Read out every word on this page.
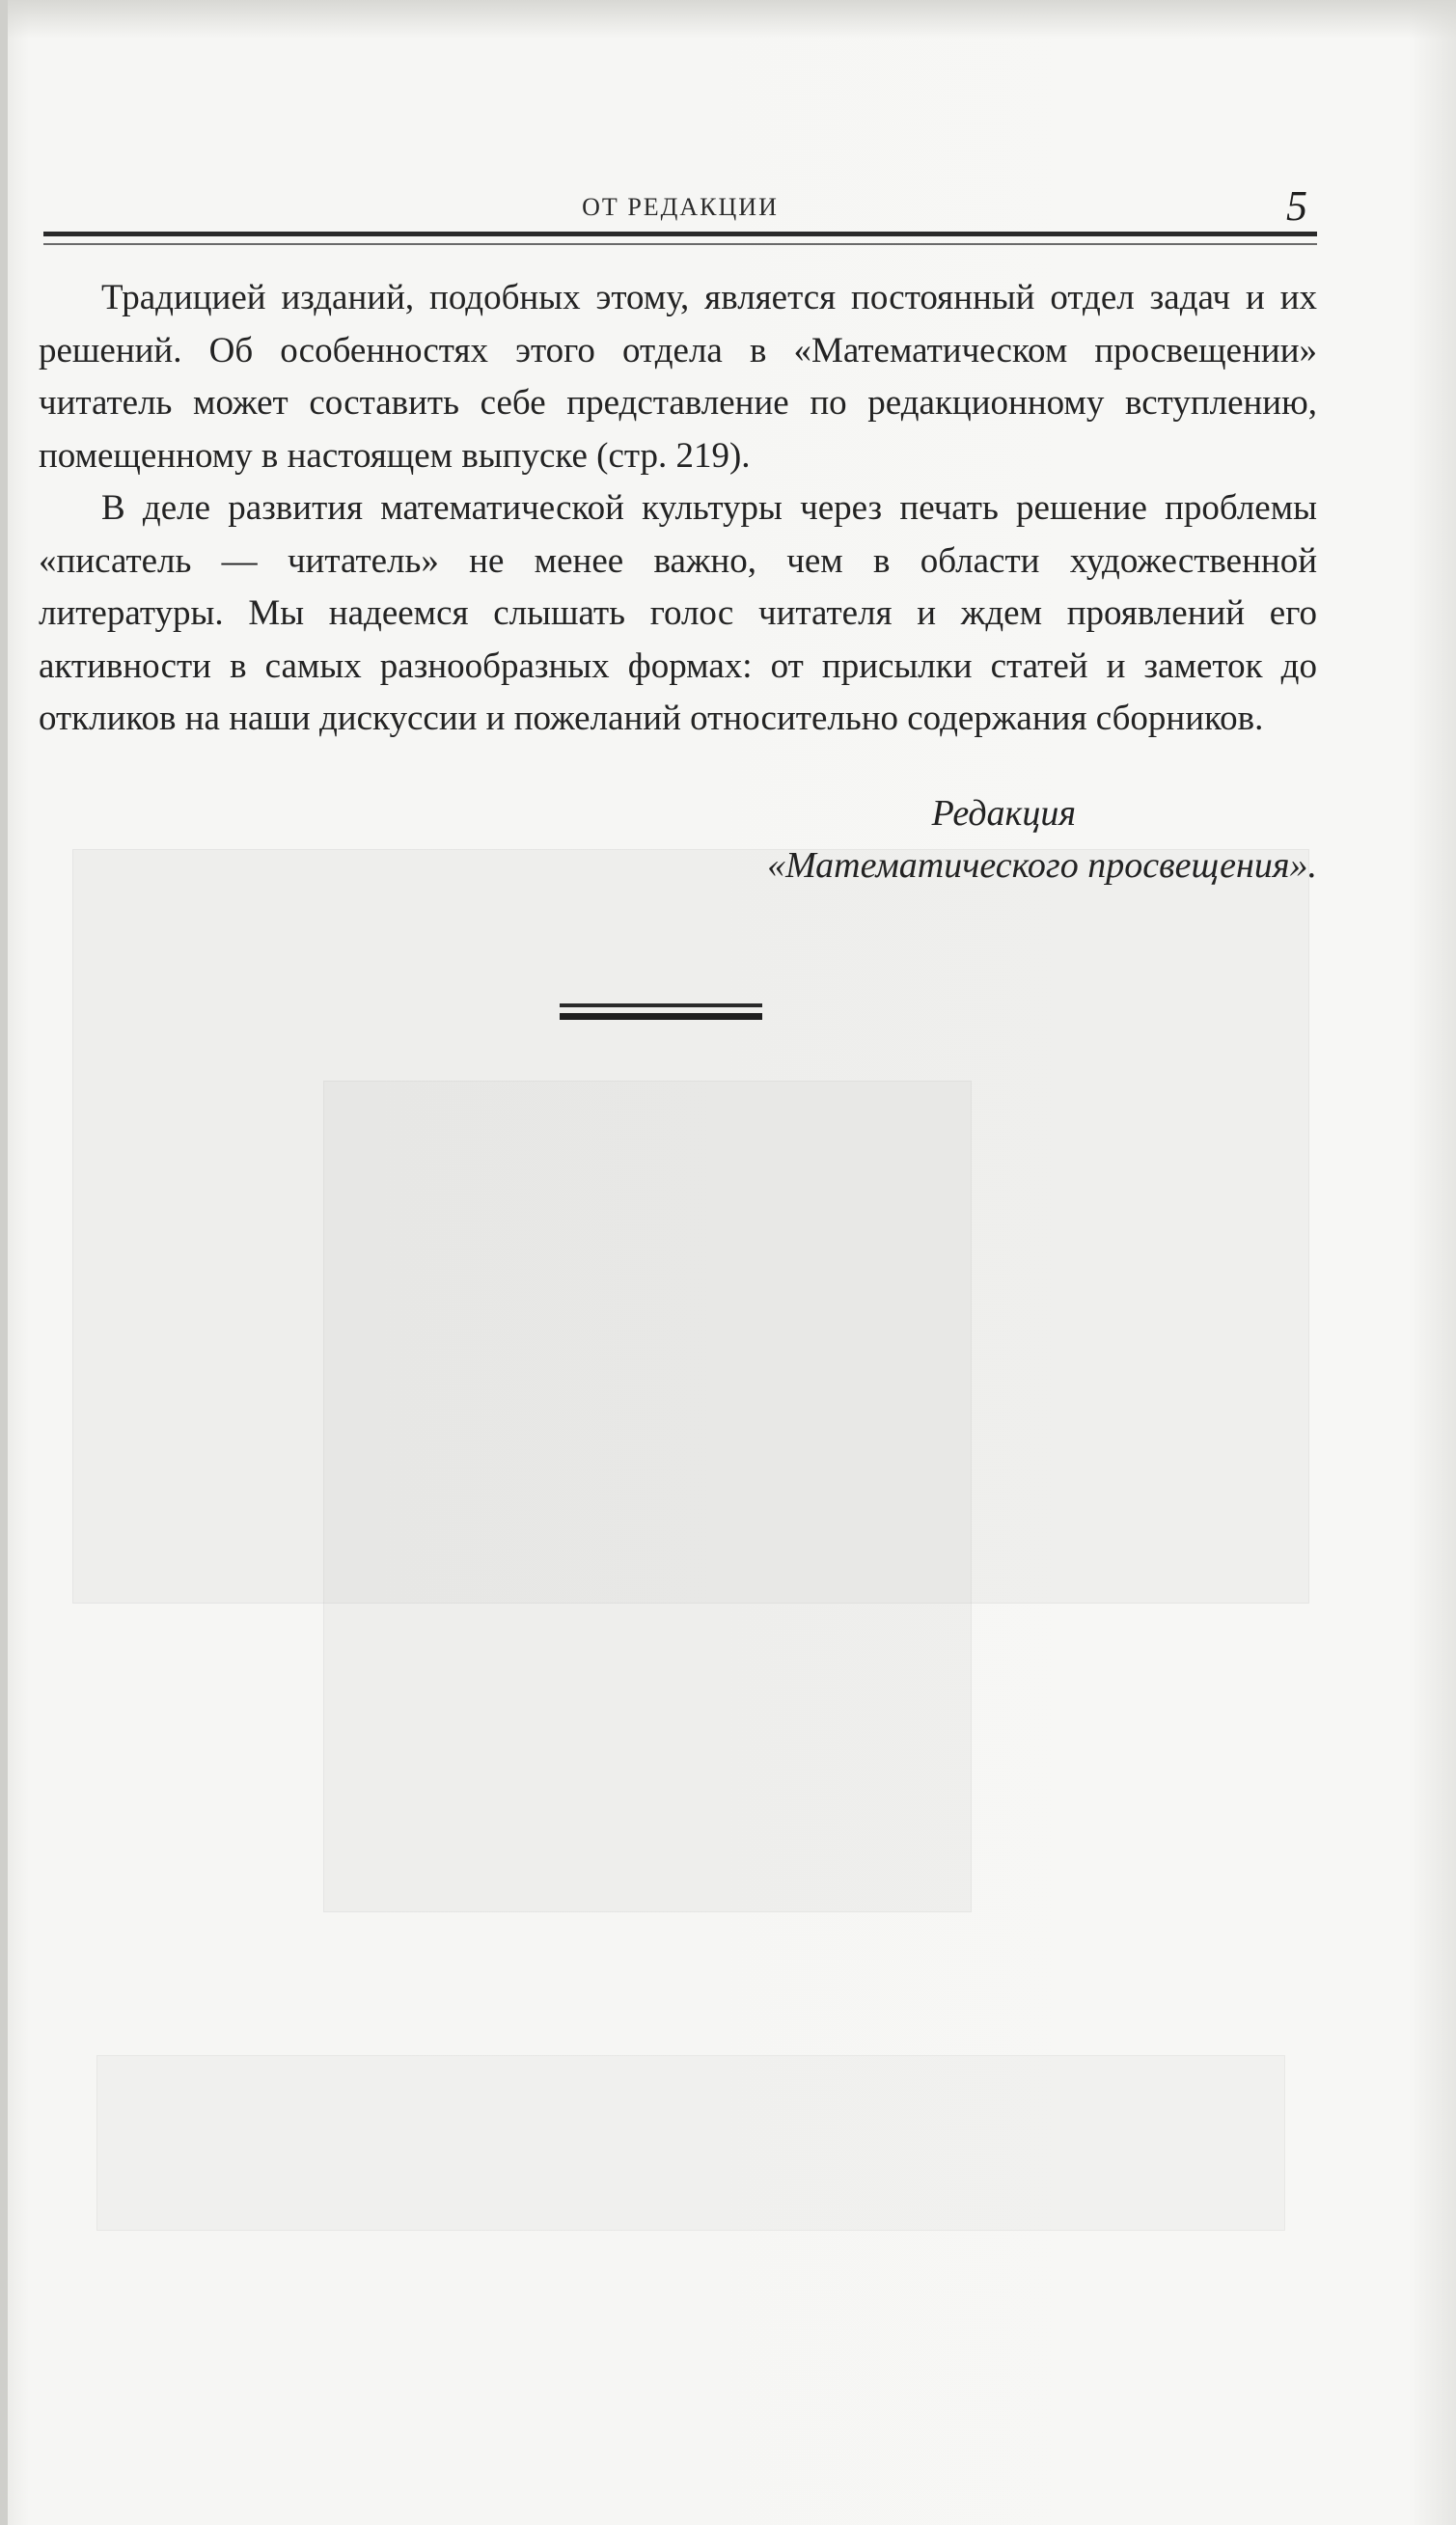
ОТ РЕДАКЦИИ	5

Традицией изданий, подобных этому, является постоянный отдел задач и их решений. Об особенностях этого отдела в «Математическом просвещении» читатель может составить себе представление по редакционному вступлению, помещенному в настоящем выпуске (стр. 219).

В деле развития математической культуры через печать решение проблемы «писатель — читатель» не менее важно, чем в области художественной литературы. Мы надеемся слышать голос читателя и ждем проявлений его активности в самых разнообразных формах: от присылки статей и заметок до откликов на наши дискуссии и пожеланий относительно содержания сборников.

Редакция
«Математического просвещения».
